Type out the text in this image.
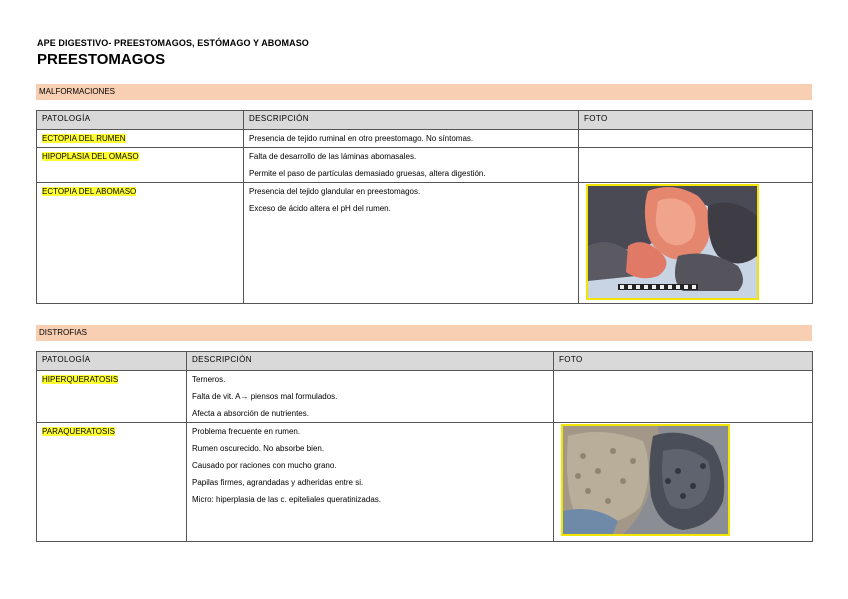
APE DIGESTIVO- PREESTOMAGOS, ESTÓMAGO Y ABOMASO
PREESTOMAGOS
MALFORMACIONES
PATOLOGÍA	DESCRIPCIÓN	FOTO
ECTOPIA DEL RUMEN	Presencia de tejido ruminal en otro preestomago. No síntomas.	

HIPOPLASIA DEL OMASO	Falta de desarrollo de las láminas abomasales.
Permite el paso de partículas demasiado gruesas, altera digestión.	

ECTOPIA DEL ABOMASO	Presencia del tejido glandular en preestomagos.
Exceso de ácido altera el pH del rumen.

DISTROFIAS
PATOLOGÍA	DESCRIPCIÓN	FOTO
HIPERQUERATOSIS	Terneros.
Falta de vit. A→ piensos mal formulados.
Afecta a absorción de nutrientes.	

PARAQUERATOSIS	Problema frecuente en rumen.
Rumen oscurecido. No absorbe bien.
Causado por raciones con mucho grano.
Papilas firmes, agrandadas y adheridas entre si.
Micro: hiperplasia de las c. epiteliales queratinizadas.
